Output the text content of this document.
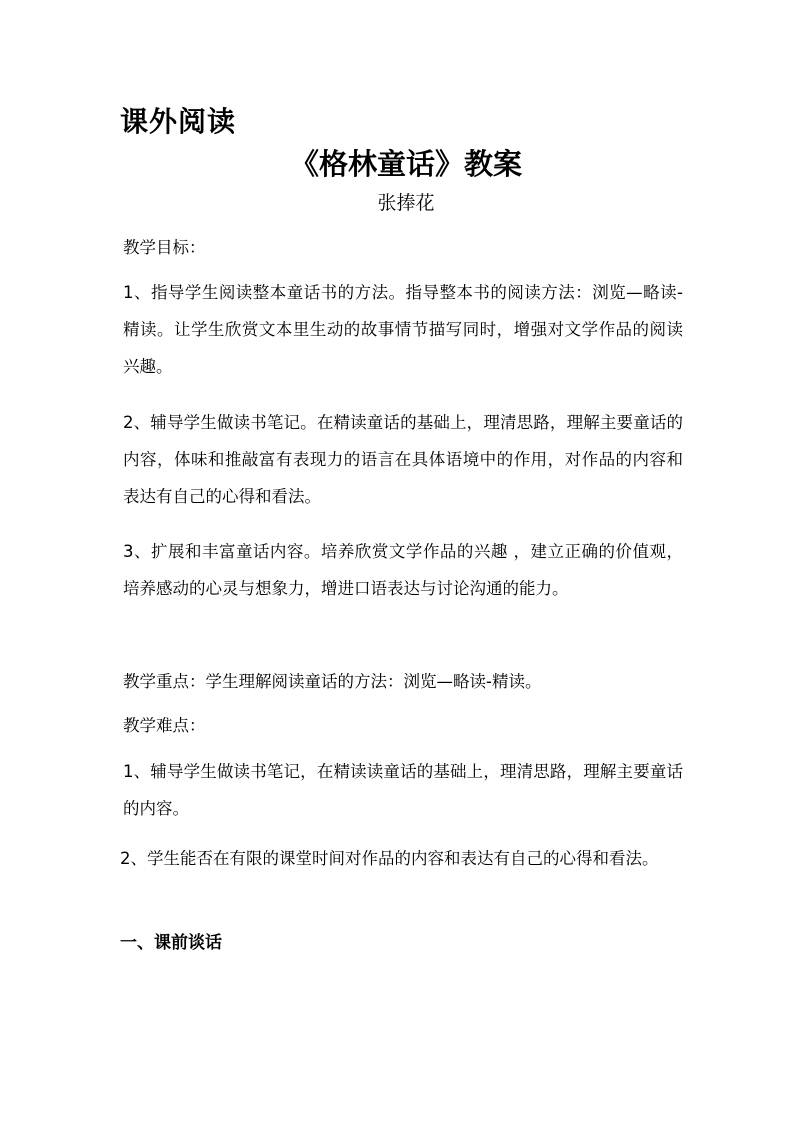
课外阅读
《格林童话》教案
张捧花
教学目标：

1、指导学生阅读整本童话书的方法。指导整本书的阅读方法：浏览—略读-精读。让学生欣赏文本里生动的故事情节描写同时，增强对文学作品的阅读兴趣。

2、辅导学生做读书笔记。在精读童话的基础上，理清思路，理解主要童话的内容，体味和推敲富有表现力的语言在具体语境中的作用，对作品的内容和表达有自己的心得和看法。

3、扩展和丰富童话内容。培养欣赏文学作品的兴趣 ，建立正确的价值观，培养感动的心灵与想象力，增进口语表达与讨论沟通的能力。

教学重点：学生理解阅读童话的方法：浏览—略读-精读。
教学难点：

1、辅导学生做读书笔记，在精读读童话的基础上，理清思路，理解主要童话的内容。

2、学生能否在有限的课堂时间对作品的内容和表达有自己的心得和看法。

一、课前谈话
